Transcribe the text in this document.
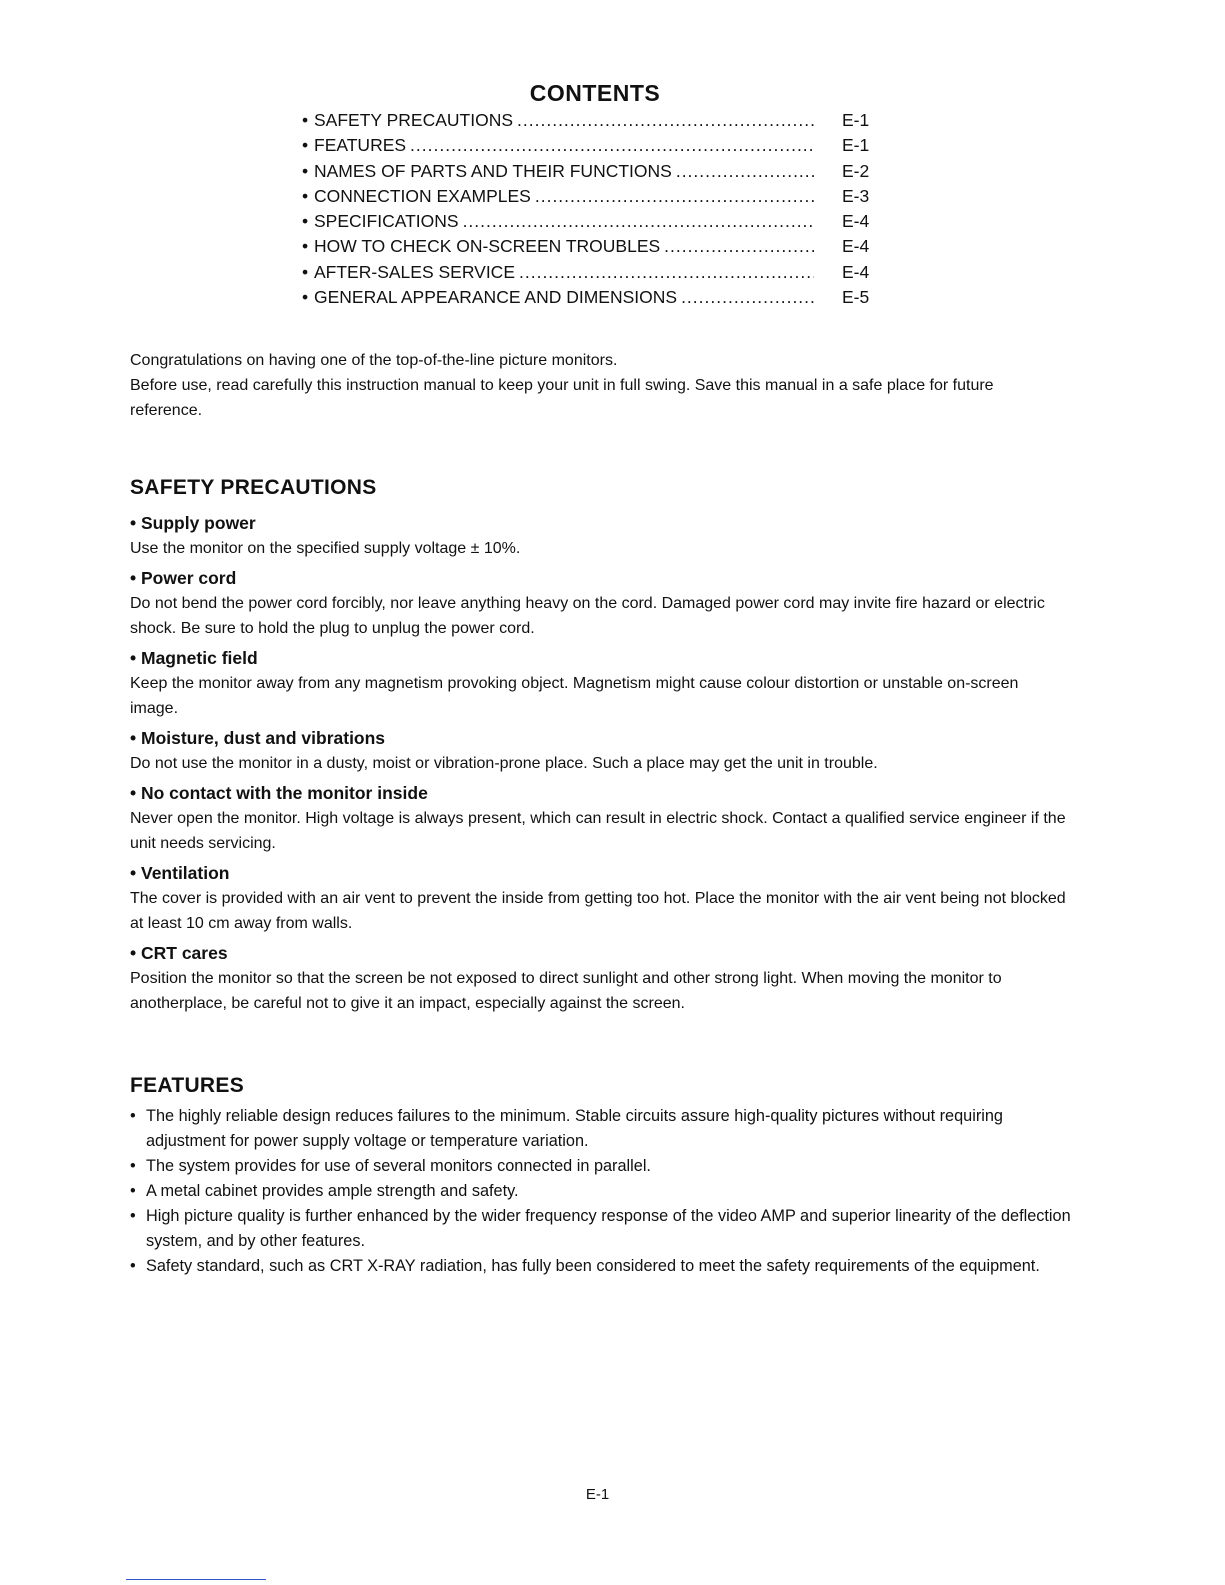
CONTENTS
• SAFETY PRECAUTIONS .....	E-1
• FEATURES .....	E-1
• NAMES OF PARTS AND THEIR FUNCTIONS .....	E-2
• CONNECTION EXAMPLES .....	E-3
• SPECIFICATIONS .....	E-4
• HOW TO CHECK ON-SCREEN TROUBLES .....	E-4
• AFTER-SALES SERVICE .....	E-4
• GENERAL APPEARANCE AND DIMENSIONS .....	E-5

Congratulations on having one of the top-of-the-line picture monitors.

Before use, read carefully this instruction manual to keep your unit in full swing. Save this manual in a safe place for future reference.

SAFETY PRECAUTIONS
• Supply power

Use the monitor on the specified supply voltage ± 10%.

• Power cord

Do not bend the power cord forcibly, nor leave anything heavy on the cord. Damaged power cord may invite fire hazard or electric shock. Be sure to hold the plug to unplug the power cord.

• Magnetic field

Keep the monitor away from any magnetism provoking object. Magnetism might cause colour distortion or unstable on-screen image.

• Moisture, dust and vibrations

Do not use the monitor in a dusty, moist or vibration-prone place. Such a place may get the unit in trouble.

• No contact with the monitor inside

Never open the monitor. High voltage is always present, which can result in electric shock. Contact a qualified service engineer if the unit needs servicing.

• Ventilation

The cover is provided with an air vent to prevent the inside from getting too hot. Place the monitor with the air vent being not blocked at least 10 cm away from walls.

• CRT cares

Position the monitor so that the screen be not exposed to direct sunlight and other strong light. When moving the monitor to anotherplace, be careful not to give it an impact, especially against the screen.

FEATURES
• The highly reliable design reduces failures to the minimum. Stable circuits assure high-quality pictures without requiring adjustment for power supply voltage or temperature variation.
• The system provides for use of several monitors connected in parallel.
• A metal cabinet provides ample strength and safety.
• High picture quality is further enhanced by the wider frequency response of the video AMP and superior linearity of the deflection system, and by other features.
• Safety standard, such as CRT X-RAY radiation, has fully been considered to meet the safety requirements of the equipment.
E-1
